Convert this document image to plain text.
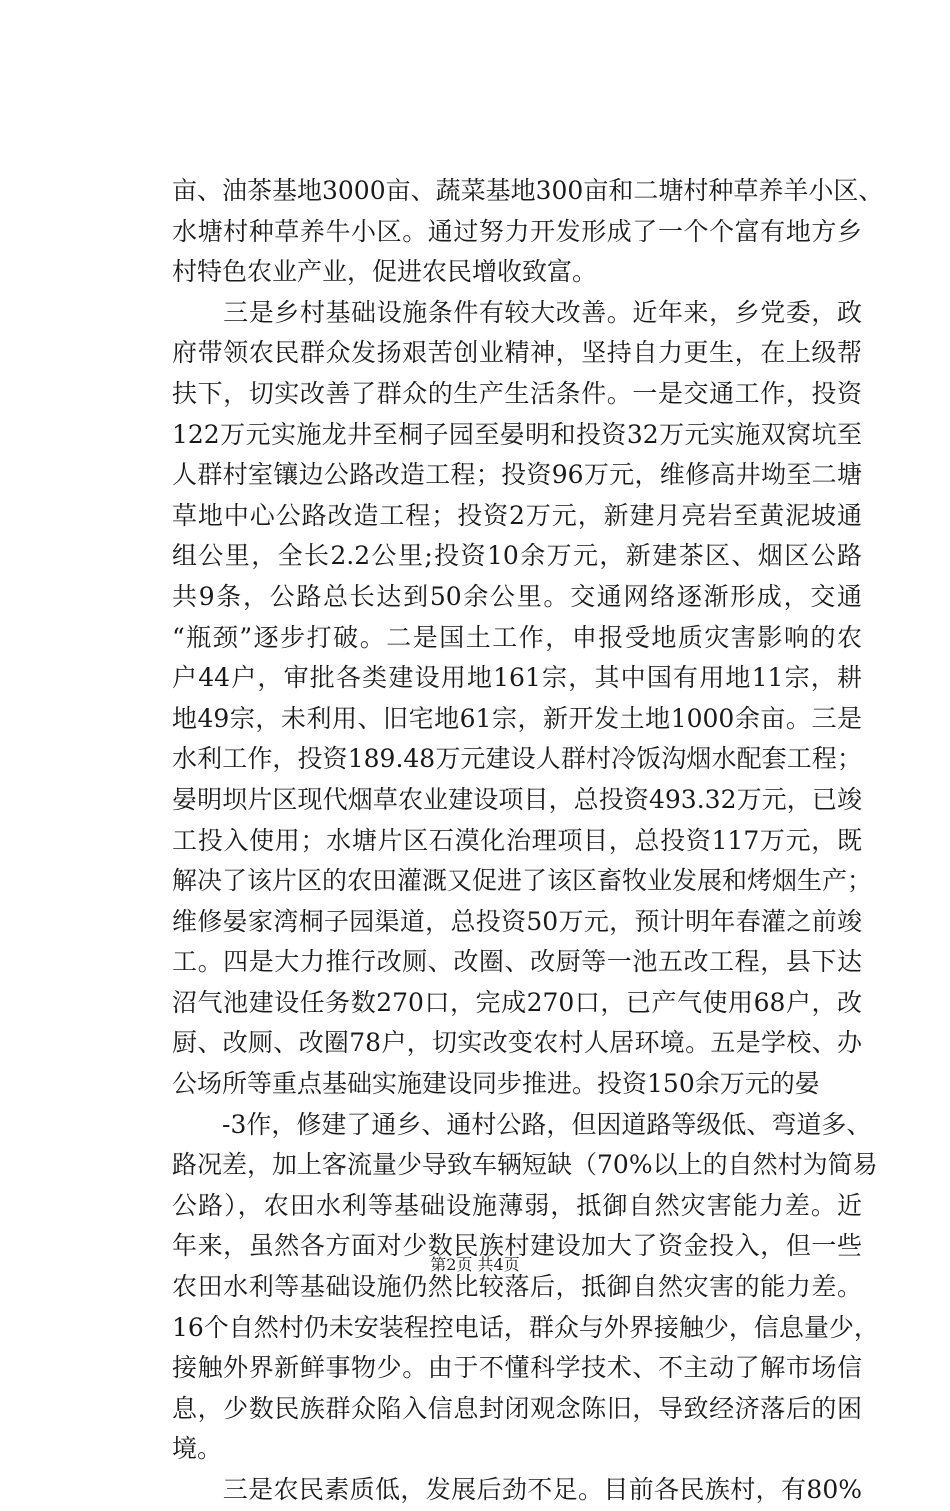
亩、油茶基地3000亩、蔬菜基地300亩和二塘村种草养羊小区、
水塘村种草养牛小区。通过努力开发形成了一个个富有地方乡
村特色农业产业，促进农民增收致富。
　　三是乡村基础设施条件有较大改善。近年来，乡党委，政
府带领农民群众发扬艰苦创业精神，坚持自力更生，在上级帮
扶下，切实改善了群众的生产生活条件。一是交通工作，投资
122万元实施龙井至桐子园至晏明和投资32万元实施双窝坑至
人群村室镶边公路改造工程；投资96万元，维修高井坳至二塘
草地中心公路改造工程；投资2万元，新建月亮岩至黄泥坡通
组公里，全长2.2公里;投资10余万元，新建茶区、烟区公路
共9条，公路总长达到50余公里。交通网络逐渐形成，交通
“瓶颈”逐步打破。二是国土工作，申报受地质灾害影响的农
户44户，审批各类建设用地161宗，其中国有用地11宗，耕
地49宗，未利用、旧宅地61宗，新开发土地1000余亩。三是
水利工作，投资189.48万元建设人群村冷饭沟烟水配套工程；
晏明坝片区现代烟草农业建设项目，总投资493.32万元，已竣
工投入使用；水塘片区石漠化治理项目，总投资117万元，既
解决了该片区的农田灌溉又促进了该区畜牧业发展和烤烟生产；
维修晏家湾桐子园渠道，总投资50万元，预计明年春灌之前竣
工。四是大力推行改厕、改圈、改厨等一池五改工程，县下达
沼气池建设任务数270口，完成270口，已产气使用68户，改
厨、改厕、改圈78户，切实改变农村人居环境。五是学校、办
公场所等重点基础实施建设同步推进。投资150余万元的晏
　　-3作，修建了通乡、通村公路，但因道路等级低、弯道多、
路况差，加上客流量少导致车辆短缺（70%以上的自然村为简易
公路），农田水利等基础设施薄弱，抵御自然灾害能力差。近
年来，虽然各方面对少数民族村建设加大了资金投入，但一些
农田水利等基础设施仍然比较落后，抵御自然灾害的能力差。
16个自然村仍未安装程控电话，群众与外界接触少，信息量少，
接触外界新鲜事物少。由于不懂科学技术、不主动了解市场信
息，少数民族群众陷入信息封闭观念陈旧，导致经济落后的困
境。
　　三是农民素质低，发展后劲不足。目前各民族村，有80%
第2页 共4页
